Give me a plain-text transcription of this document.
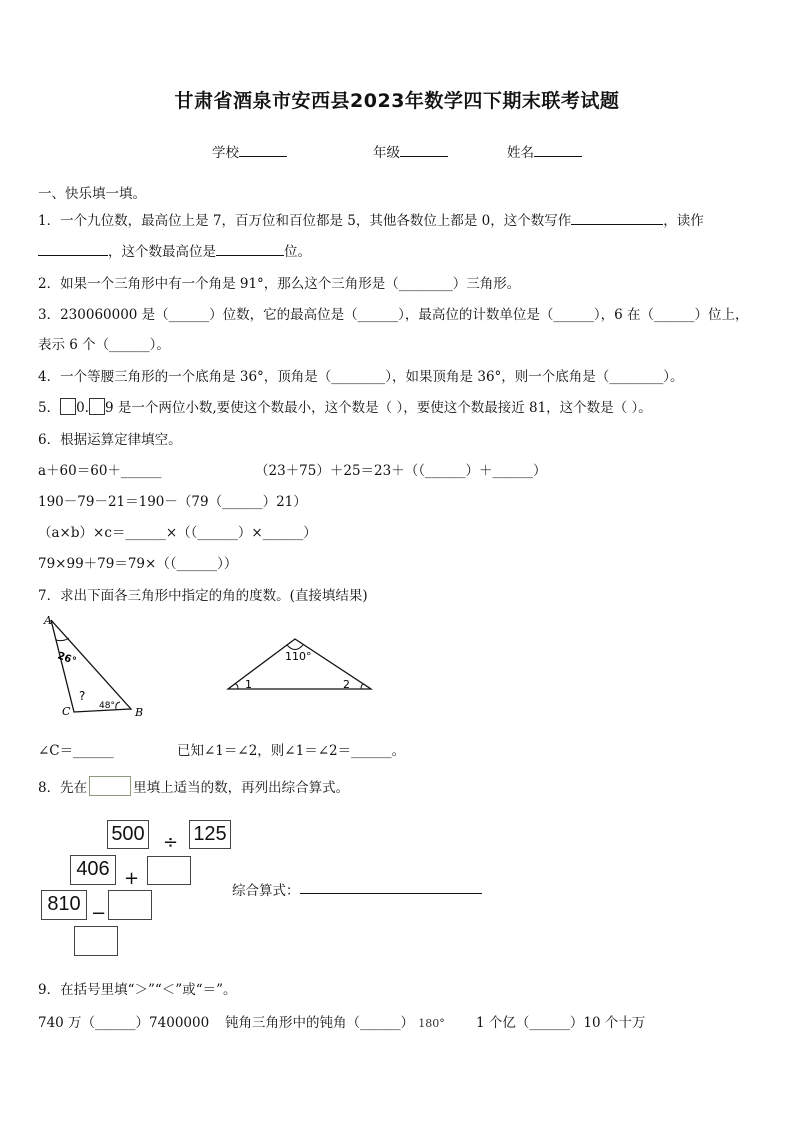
甘肃省酒泉市安西县2023年数学四下期末联考试题
学校	年级	姓名
一、快乐填一填。
1．一个九位数，最高位上是 7，百万位和百位都是 5，其他各数位上都是 0，这个数写作	，读作
，这个数最高位是	位。
2．如果一个三角形中有一个角是 91°，那么这个三角形是（________）三角形。
3．230060000 是（______）位数，它的最高位是（______），最高位的计数单位是（______），6 在（______）位上，
表示 6 个（______）。
4．一个等腰三角形的一个底角是 36°，顶角是（________），如果顶角是 36°，则一个底角是（________）。
5． 0. 9 是一个两位小数,要使这个数最小，这个数是（ ），要使这个数最接近 81，这个数是（ ）。
6．根据运算定律填空。
a＋60＝60＋______	（23＋75）＋25＝23＋（（______）＋______）
190－79－21＝190－（79（______）21）
（a×b）×c＝______×（（______）×______）
79×99＋79＝79×（（______））
7．求出下面各三角形中指定的角的度数。(直接填结果)
A
B
C
26°
48°
?
110°
1	2
∠C＝______	已知∠1＝∠2，则∠1＝∠2＝______。
8．先在	里填上适当的数，再列出综合算式。
500 ÷ 125
406 +
810 −
综合算式：
9．在括号里填“＞”“＜”或“＝”。
740 万（______）7400000 钝角三角形中的钝角（______） 180° 1 个亿（______）10 个十万
